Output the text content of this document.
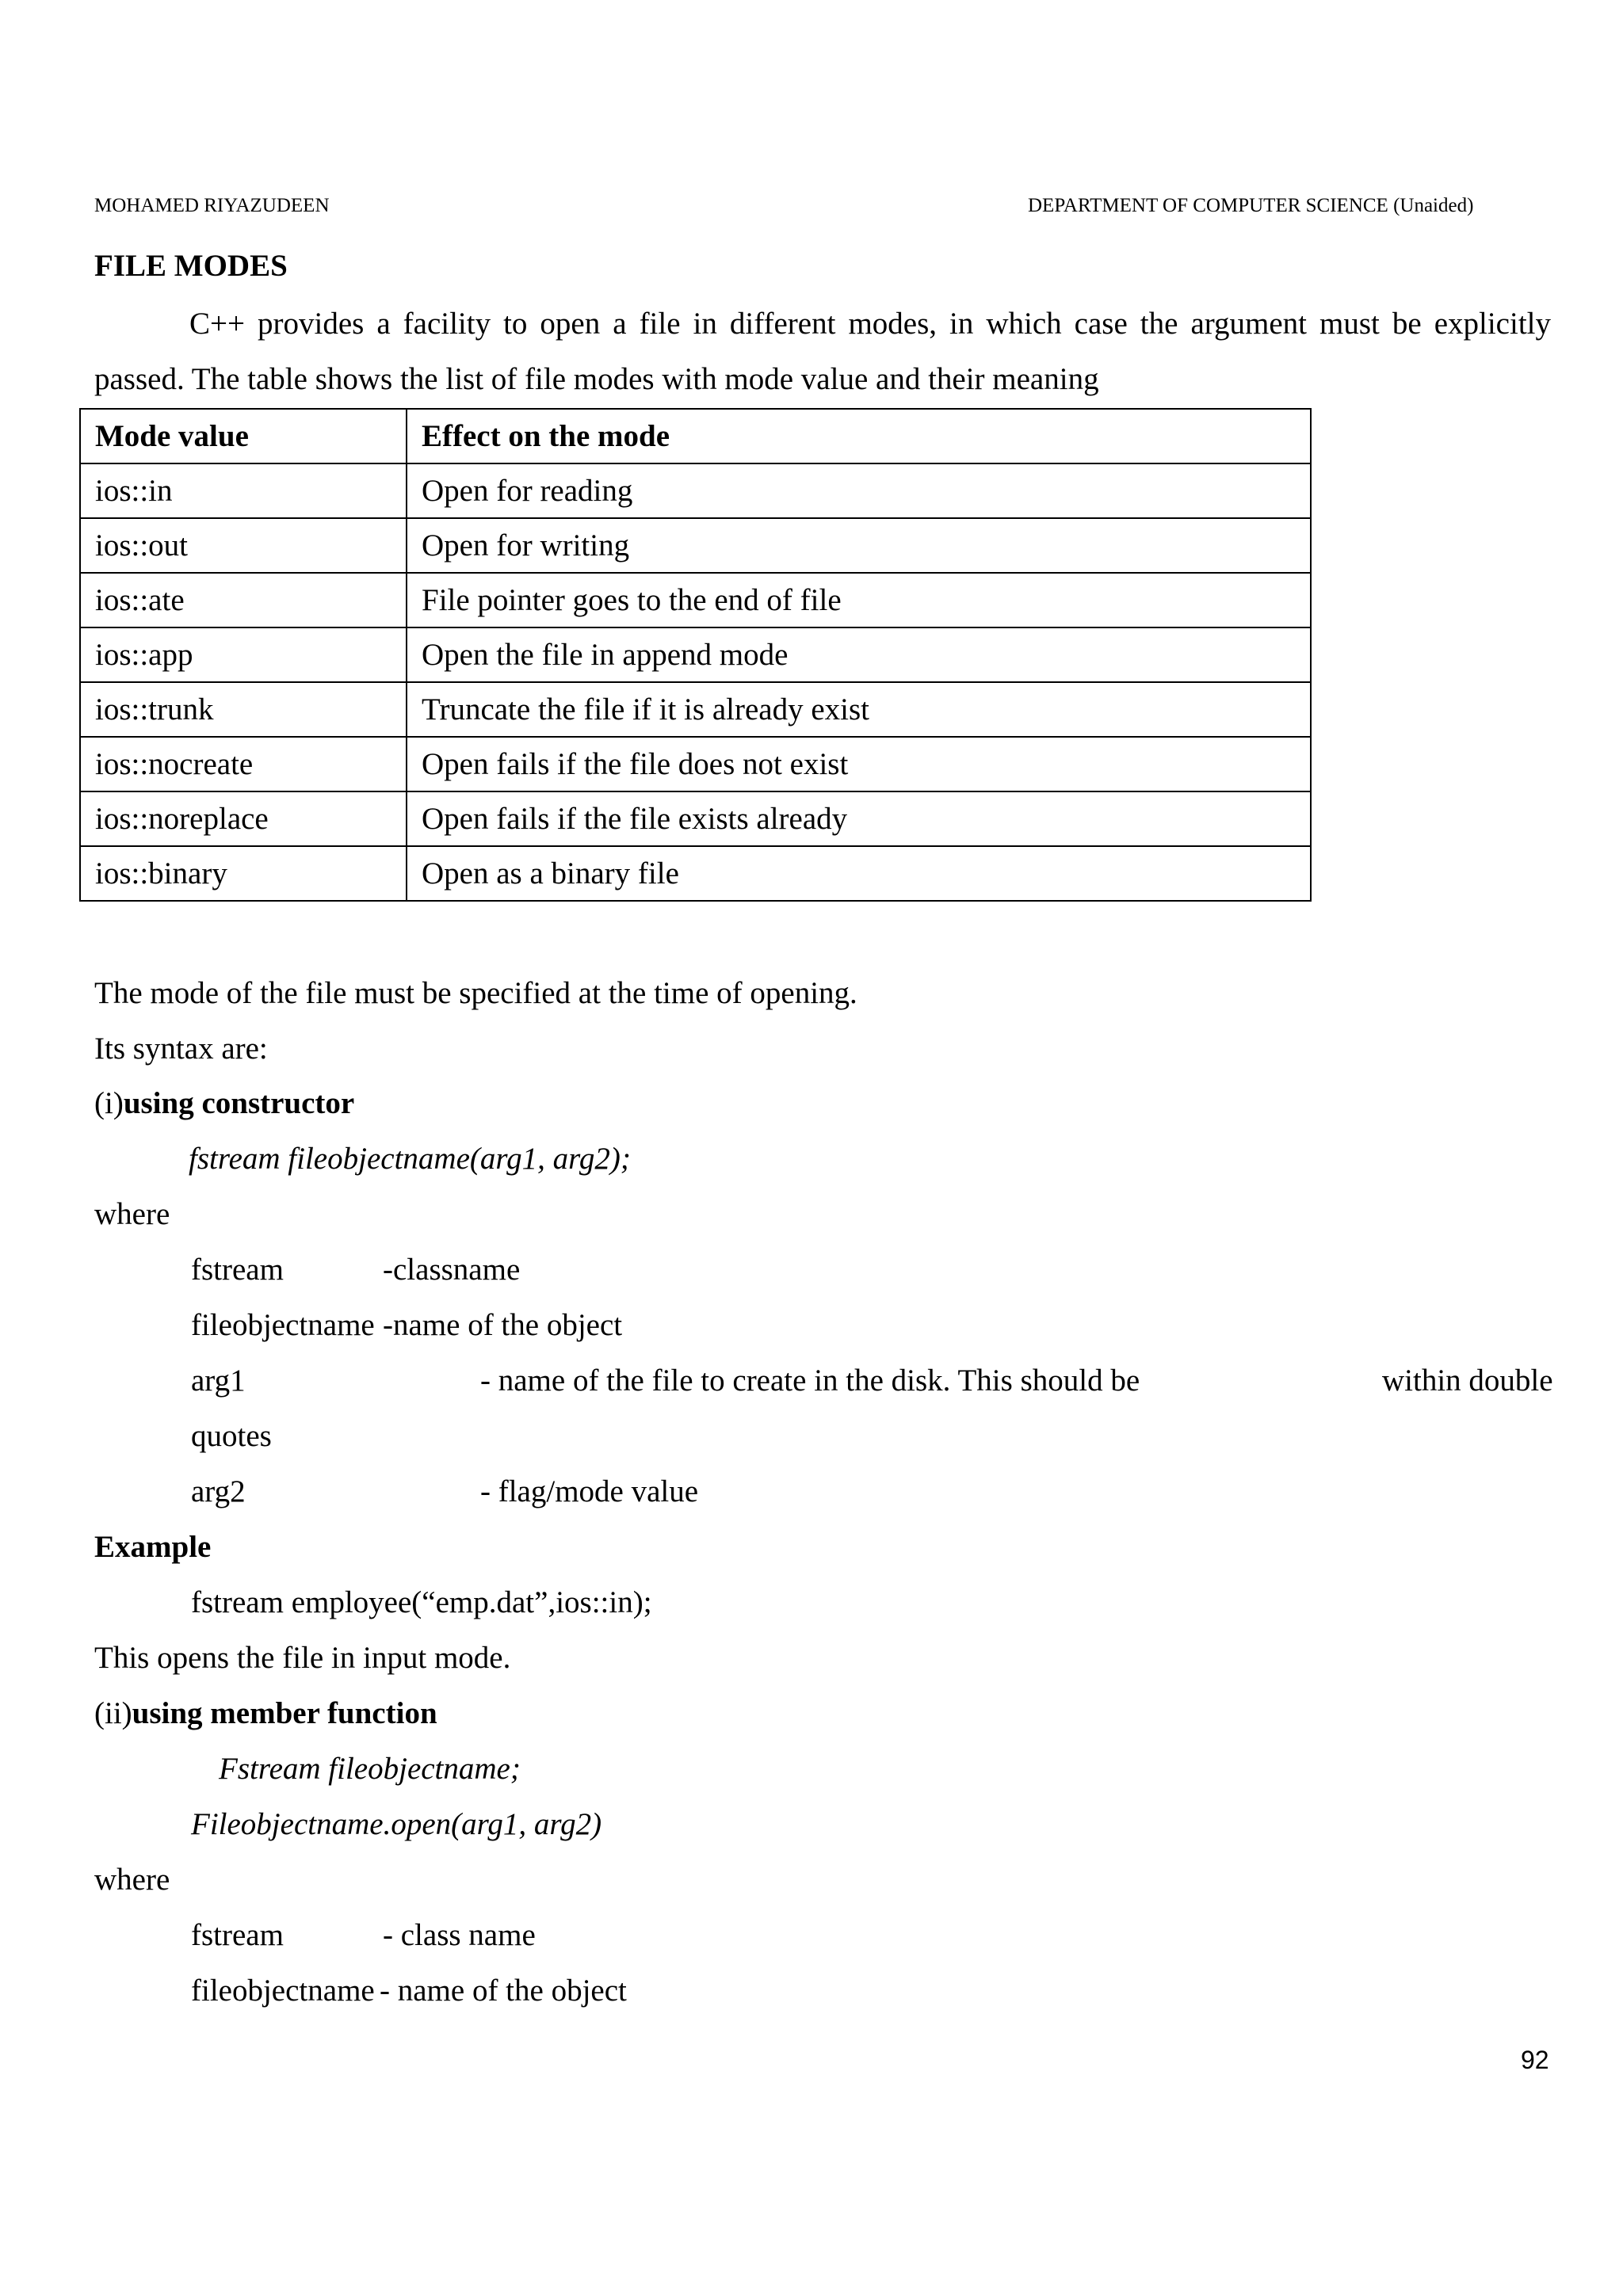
MOHAMED RIYAZUDEEN	DEPARTMENT OF COMPUTER SCIENCE (Unaided)
FILE MODES
C++ provides a facility to open a file in different modes, in which case the argument must be explicitly passed. The table shows the list of file modes with mode value and their meaning
Mode value	Effect on the mode
ios::in	Open for reading
ios::out	Open for writing
ios::ate	File pointer goes to the end of file
ios::app	Open the file in append mode
ios::trunk	Truncate the file if it is already exist
ios::nocreate	Open fails if the file does not exist
ios::noreplace	Open fails if the file exists already
ios::binary	Open as a binary file
The mode of the file must be specified at the time of opening.
Its syntax are:
(i)using constructor
fstream fileobjectname(arg1, arg2);
where
fstream	-classname
fileobjectname -name of the object
arg1	- name of the file to create in the disk. This should be	within double
quotes
arg2	- flag/mode value
Example
fstream employee(“emp.dat”,ios::in);
This opens the file in input mode.
(ii)using member function
Fstream fileobjectname;
Fileobjectname.open(arg1, arg2)
where
fstream	- class name
fileobjectname - name of the object
92
